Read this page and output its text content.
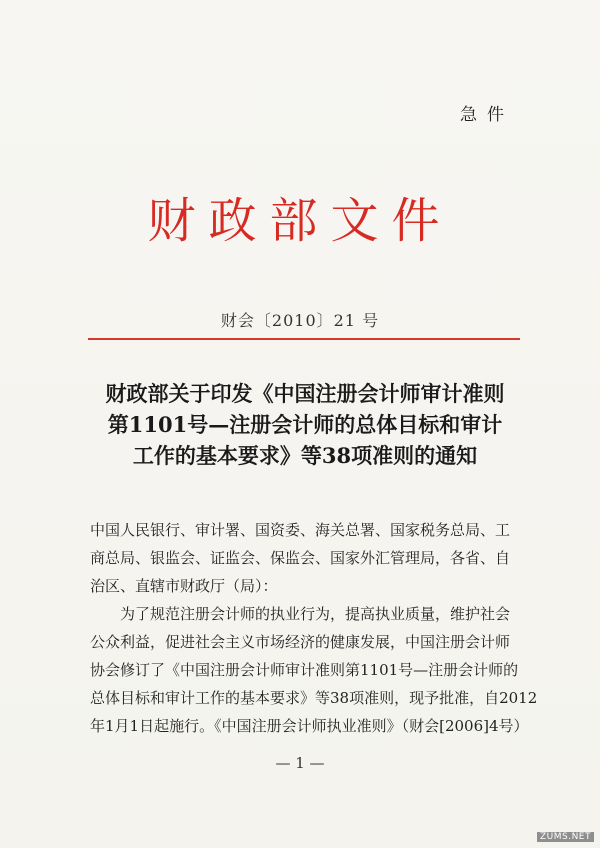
急件
财政部文件
财会〔2010〕21 号
财政部关于印发《中国注册会计师审计准则
第1101号—注册会计师的总体目标和审计
工作的基本要求》等38项准则的通知
中国人民银行、审计署、国资委、海关总署、国家税务总局、工
商总局、银监会、证监会、保监会、国家外汇管理局，各省、自
治区、直辖市财政厅（局）：
　　为了规范注册会计师的执业行为，提高执业质量，维护社会
公众利益，促进社会主义市场经济的健康发展，中国注册会计师
协会修订了《中国注册会计师审计准则第1101号—注册会计师的
总体目标和审计工作的基本要求》等38项准则，现予批准，自2012
年1月1日起施行。《中国注册会计师执业准则》（财会[2006]4号）
— 1 —
ZUMS.NET
